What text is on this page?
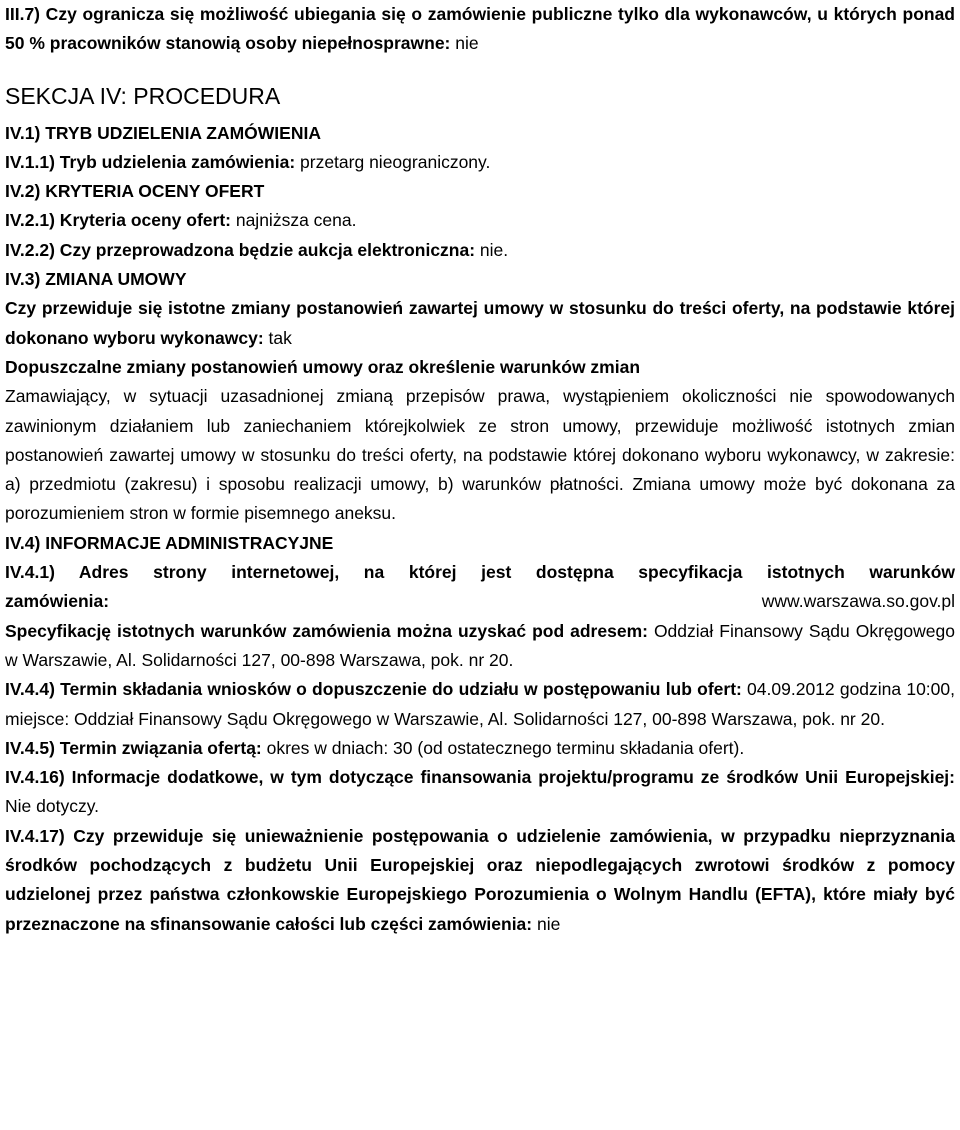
III.7) Czy ogranicza się możliwość ubiegania się o zamówienie publiczne tylko dla wykonawców, u których ponad 50 % pracowników stanowią osoby niepełnosprawne: nie

SEKCJA IV: PROCEDURA

IV.1) TRYB UDZIELENIA ZAMÓWIENIA

IV.1.1) Tryb udzielenia zamówienia: przetarg nieograniczony.

IV.2) KRYTERIA OCENY OFERT

IV.2.1) Kryteria oceny ofert: najniższa cena.

IV.2.2) Czy przeprowadzona będzie aukcja elektroniczna: nie.

IV.3) ZMIANA UMOWY

Czy przewiduje się istotne zmiany postanowień zawartej umowy w stosunku do treści oferty, na podstawie której dokonano wyboru wykonawcy: tak

Dopuszczalne zmiany postanowień umowy oraz określenie warunków zmian

Zamawiający, w sytuacji uzasadnionej zmianą przepisów prawa, wystąpieniem okoliczności nie spowodowanych zawinionym działaniem lub zaniechaniem którejkolwiek ze stron umowy, przewiduje możliwość istotnych zmian postanowień zawartej umowy w stosunku do treści oferty, na podstawie której dokonano wyboru wykonawcy, w zakresie: a) przedmiotu (zakresu) i sposobu realizacji umowy, b) warunków płatności. Zmiana umowy może być dokonana za porozumieniem stron w formie pisemnego aneksu.

IV.4) INFORMACJE ADMINISTRACYJNE

IV.4.1) Adres strony internetowej, na której jest dostępna specyfikacja istotnych warunków

zamówienia:	www.warszawa.so.gov.pl

Specyfikację istotnych warunków zamówienia można uzyskać pod adresem: Oddział Finansowy Sądu Okręgowego w Warszawie, Al. Solidarności 127, 00-898 Warszawa, pok. nr 20.

IV.4.4) Termin składania wniosków o dopuszczenie do udziału w postępowaniu lub ofert: 04.09.2012 godzina 10:00, miejsce: Oddział Finansowy Sądu Okręgowego w Warszawie, Al. Solidarności 127, 00-898 Warszawa, pok. nr 20.

IV.4.5) Termin związania ofertą: okres w dniach: 30 (od ostatecznego terminu składania ofert).

IV.4.16) Informacje dodatkowe, w tym dotyczące finansowania projektu/programu ze środków Unii Europejskiej: Nie dotyczy.

IV.4.17) Czy przewiduje się unieważnienie postępowania o udzielenie zamówienia, w przypadku nieprzyznania środków pochodzących z budżetu Unii Europejskiej oraz niepodlegających zwrotowi środków z pomocy udzielonej przez państwa członkowskie Europejskiego Porozumienia o Wolnym Handlu (EFTA), które miały być przeznaczone na sfinansowanie całości lub części zamówienia: nie
